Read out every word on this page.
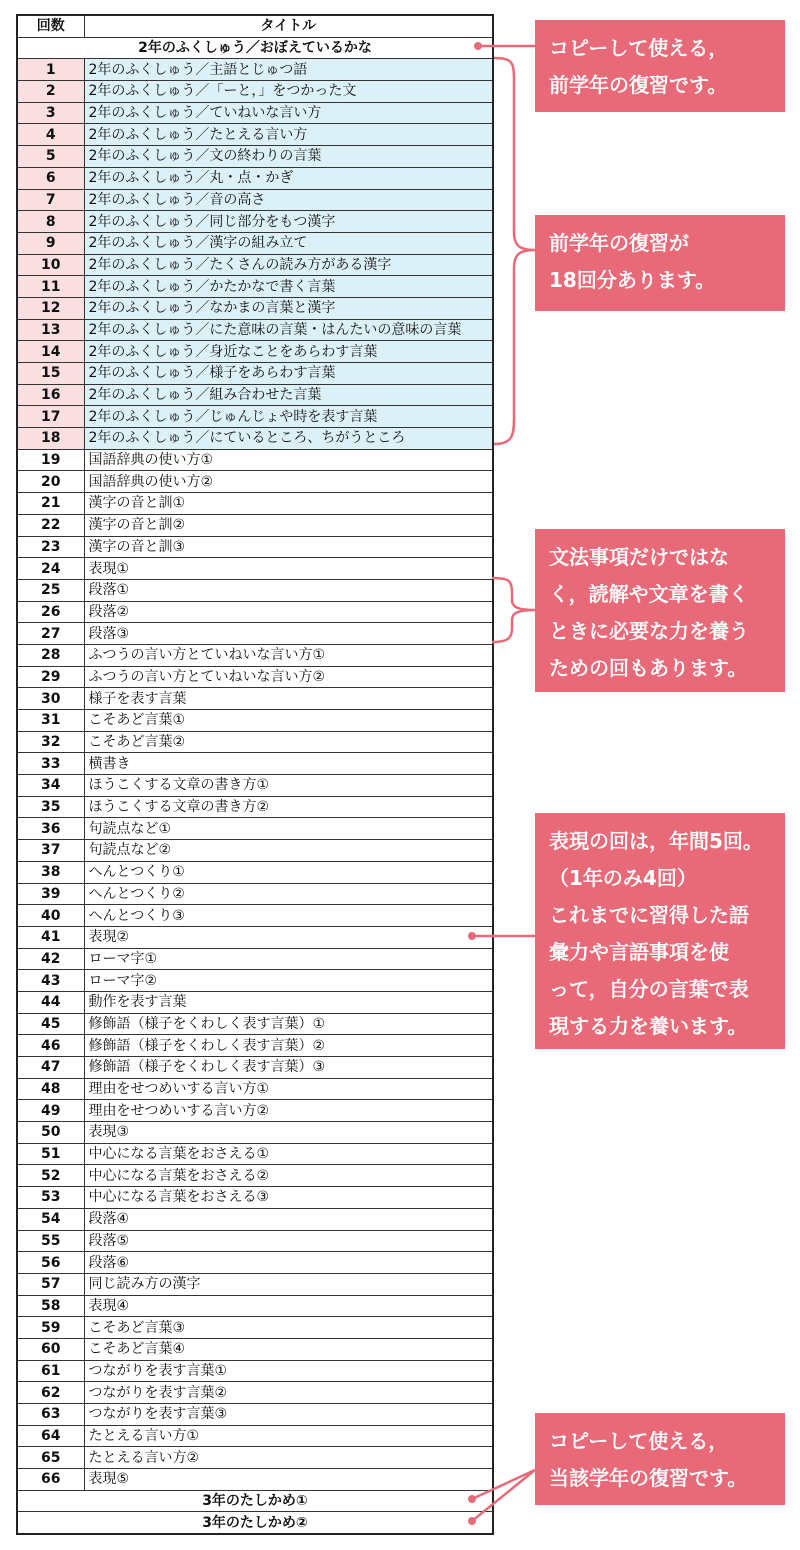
回数	タイトル
2年のふくしゅう／おぼえているかな	
1	2年のふくしゅう／主語とじゅつ語
2	2年のふくしゅう／「ーと，」をつかった文
3	2年のふくしゅう／ていねいな言い方
4	2年のふくしゅう／たとえる言い方
5	2年のふくしゅう／文の終わりの言葉
6	2年のふくしゅう／丸・点・かぎ
7	2年のふくしゅう／音の高さ
8	2年のふくしゅう／同じ部分をもつ漢字
9	2年のふくしゅう／漢字の組み立て
10	2年のふくしゅう／たくさんの読み方がある漢字
11	2年のふくしゅう／かたかなで書く言葉
12	2年のふくしゅう／なかまの言葉と漢字
13	2年のふくしゅう／にた意味の言葉・はんたいの意味の言葉
14	2年のふくしゅう／身近なことをあらわす言葉
15	2年のふくしゅう／様子をあらわす言葉
16	2年のふくしゅう／組み合わせた言葉
17	2年のふくしゅう／じゅんじょや時を表す言葉
18	2年のふくしゅう／にているところ、ちがうところ
19	国語辞典の使い方①
20	国語辞典の使い方②
21	漢字の音と訓①
22	漢字の音と訓②
23	漢字の音と訓③
24	表現①
25	段落①
26	段落②
27	段落③
28	ふつうの言い方とていねいな言い方①
29	ふつうの言い方とていねいな言い方②
30	様子を表す言葉
31	こそあど言葉①
32	こそあど言葉②
33	横書き
34	ほうこくする文章の書き方①
35	ほうこくする文章の書き方②
36	句読点など①
37	句読点など②
38	へんとつくり①
39	へんとつくり②
40	へんとつくり③
41	表現②
42	ローマ字①
43	ローマ字②
44	動作を表す言葉
45	修飾語（様子をくわしく表す言葉）①
46	修飾語（様子をくわしく表す言葉）②
47	修飾語（様子をくわしく表す言葉）③
48	理由をせつめいする言い方①
49	理由をせつめいする言い方②
50	表現③
51	中心になる言葉をおさえる①
52	中心になる言葉をおさえる②
53	中心になる言葉をおさえる③
54	段落④
55	段落⑤
56	段落⑥
57	同じ読み方の漢字
58	表現④
59	こそあど言葉③
60	こそあど言葉④
61	つながりを表す言葉①
62	つながりを表す言葉②
63	つながりを表す言葉③
64	たとえる言い方①
65	たとえる言い方②
66	表現⑤
3年のたしかめ①	
3年のたしかめ②	
コピーして使える，
前学年の復習です。
前学年の復習が
18回分あります。
文法事項だけではな
く，読解や文章を書く
ときに必要な力を養う
ための回もあります。
表現の回は，年間5回。
（1年のみ4回）
これまでに習得した語
彙力や言語事項を使
って，自分の言葉で表
現する力を養います。
コピーして使える，
当該学年の復習です。
